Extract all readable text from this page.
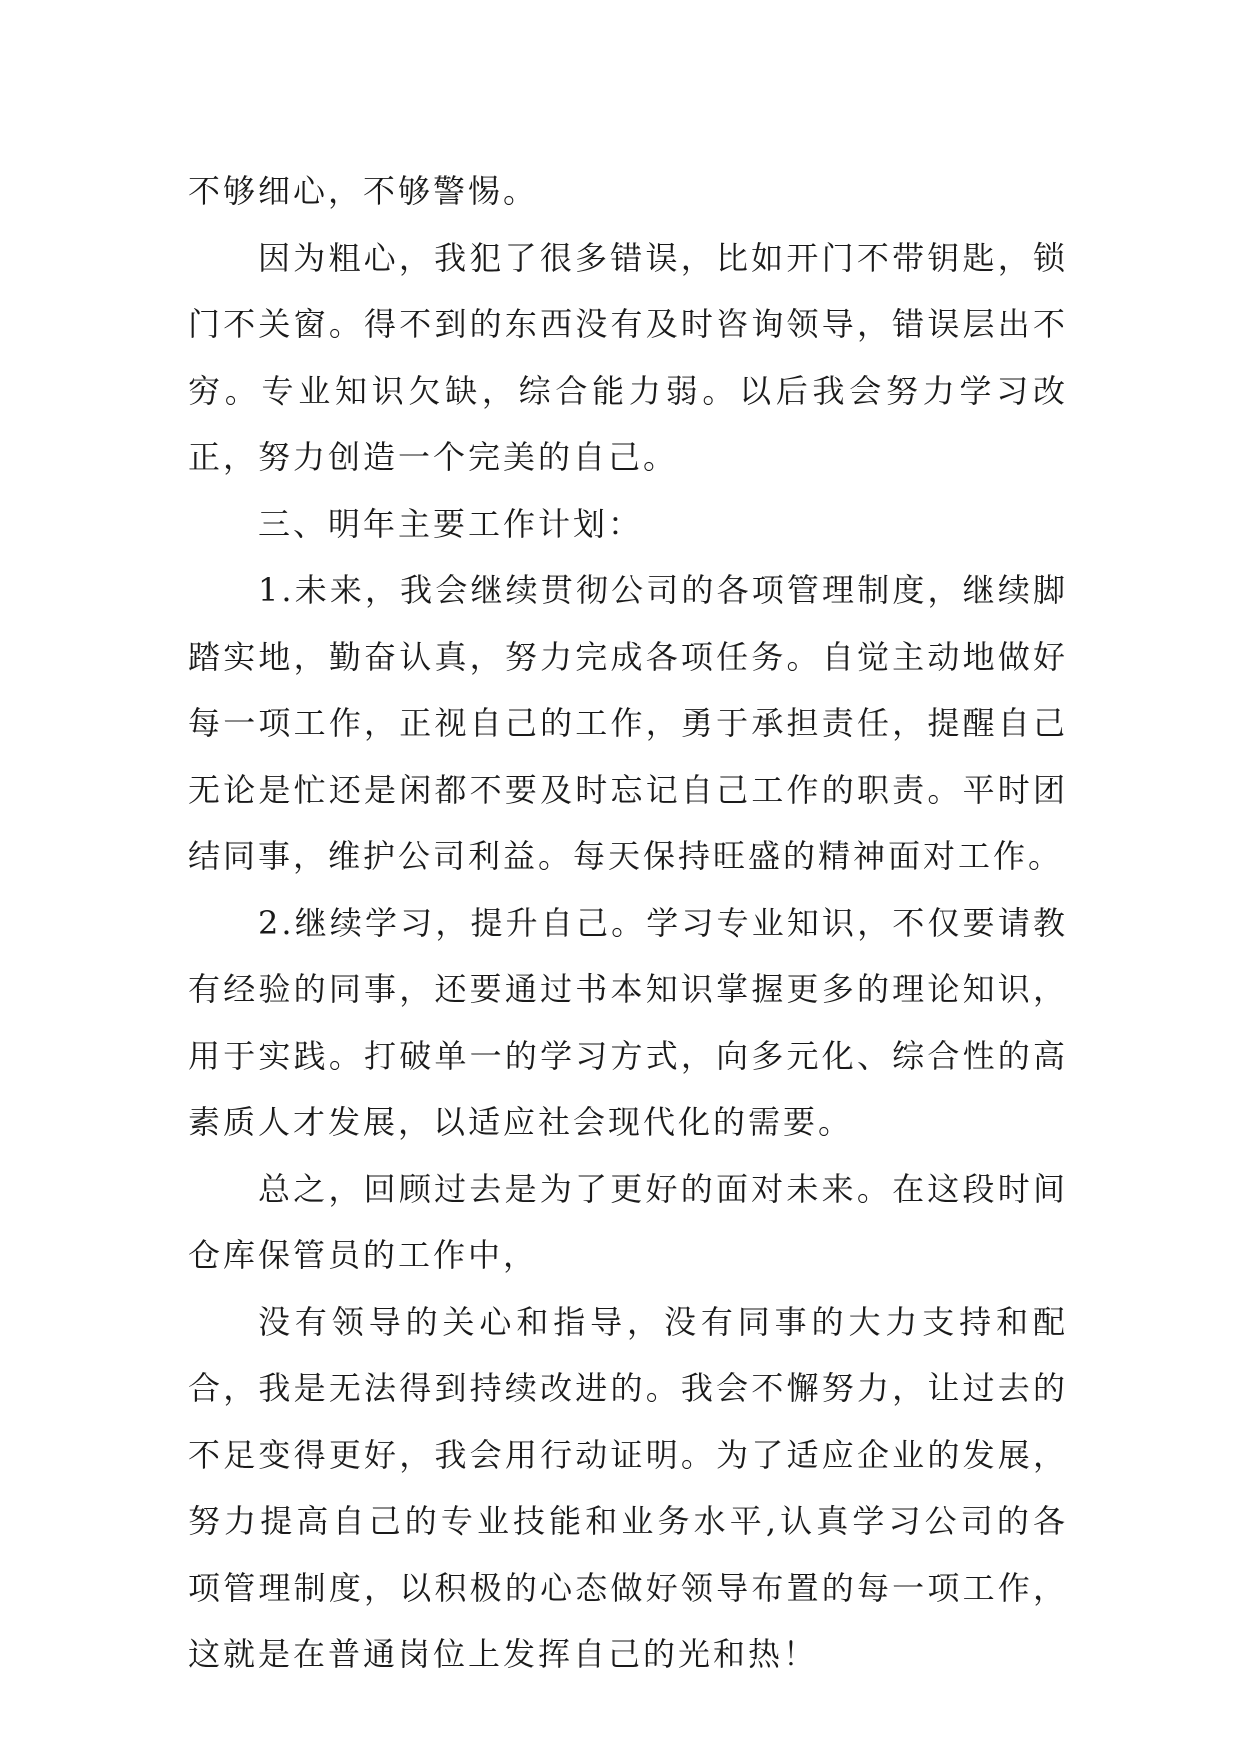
不够细心，不够警惕。

因为粗心，我犯了很多错误，比如开门不带钥匙，锁门不关窗。得不到的东西没有及时咨询领导，错误层出不穷。专业知识欠缺，综合能力弱。以后我会努力学习改正，努力创造一个完美的自己。

三、明年主要工作计划：

1.未来，我会继续贯彻公司的各项管理制度，继续脚踏实地，勤奋认真，努力完成各项任务。自觉主动地做好每一项工作，正视自己的工作，勇于承担责任，提醒自己无论是忙还是闲都不要及时忘记自己工作的职责。平时团结同事，维护公司利益。每天保持旺盛的精神面对工作。

2.继续学习，提升自己。学习专业知识，不仅要请教有经验的同事，还要通过书本知识掌握更多的理论知识，用于实践。打破单一的学习方式，向多元化、综合性的高素质人才发展，以适应社会现代化的需要。

总之，回顾过去是为了更好的面对未来。在这段时间仓库保管员的工作中，

没有领导的关心和指导，没有同事的大力支持和配合，我是无法得到持续改进的。我会不懈努力，让过去的不足变得更好，我会用行动证明。为了适应企业的发展，努力提高自己的专业技能和业务水平,认真学习公司的各项管理制度，以积极的心态做好领导布置的每一项工作，这就是在普通岗位上发挥自己的光和热！
